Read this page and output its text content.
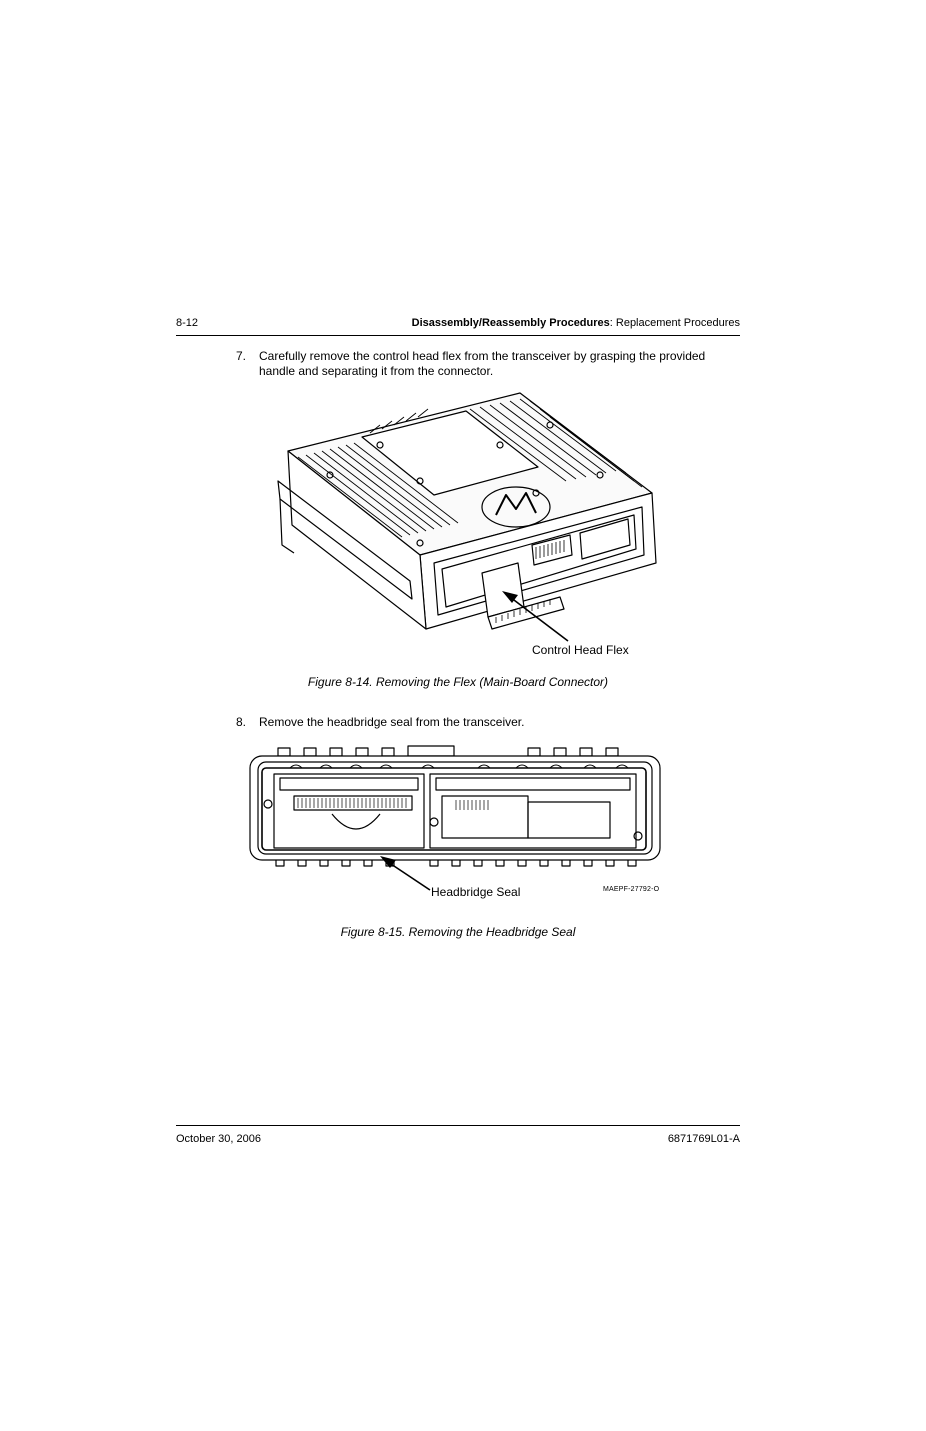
8-12	Disassembly/Reassembly Procedures: Replacement Procedures
7. Carefully remove the control head flex from the transceiver by grasping the provided handle and separating it from the connector.
Control Head Flex
Figure 8-14. Removing the Flex (Main-Board Connector)
8. Remove the headbridge seal from the transceiver.
Headbridge Seal	MAEPF-27792-O
Figure 8-15. Removing the Headbridge Seal
October 30, 2006	6871769L01-A
